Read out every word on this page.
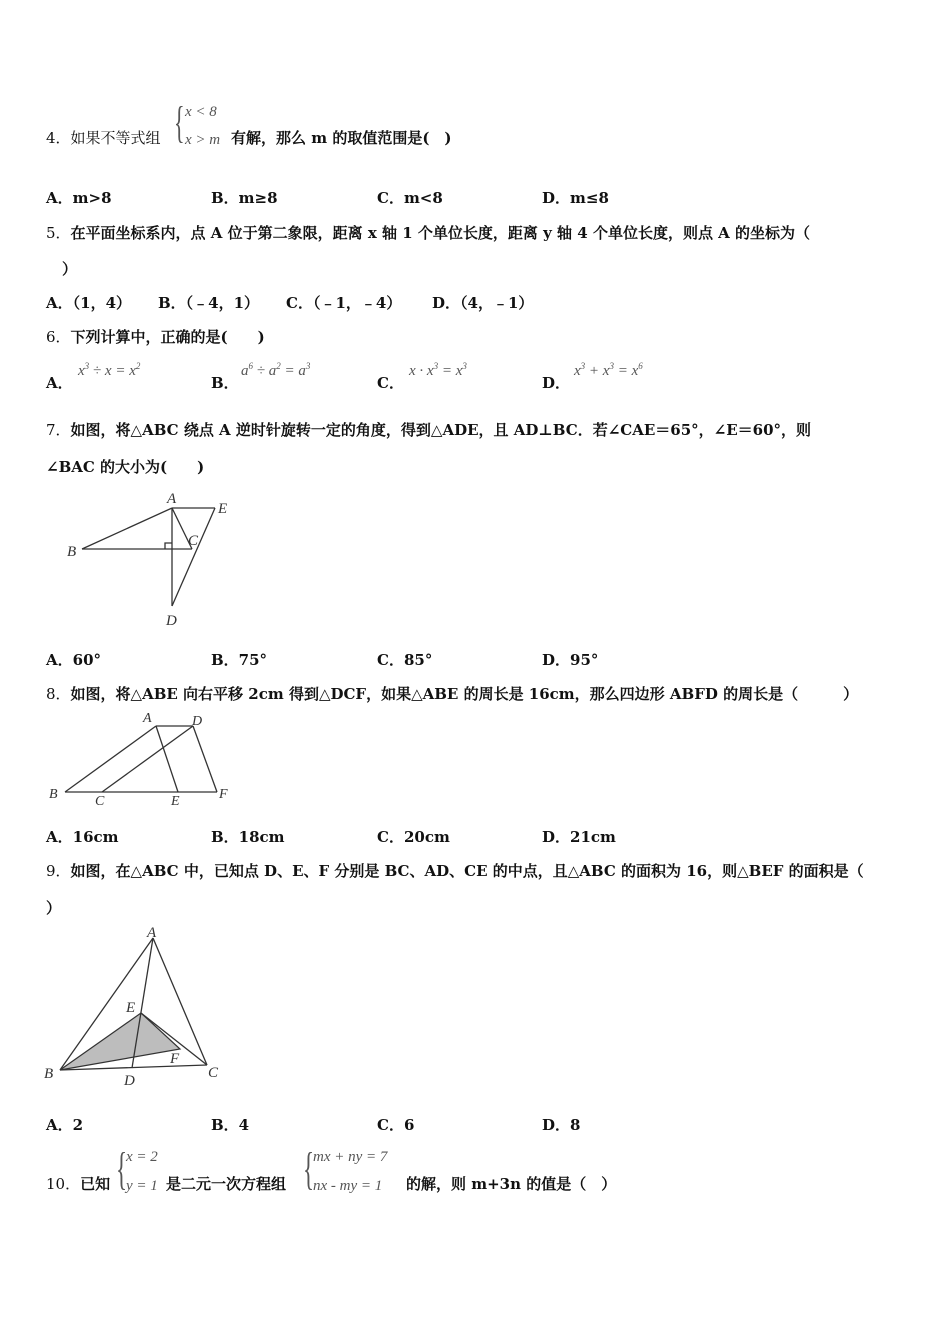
4．如果不等式组 { x < 8
x > m 有解，那么 m 的取值范围是(　)
A．m>8	B．m≥8	C．m<8	D．m≤8
5．在平面坐标系内，点 A 位于第二象限，距离 x 轴 1 个单位长度，距离 y 轴 4 个单位长度，则点 A 的坐标为（
）
A．（1，4） B．（﹣4，1） C．（﹣1，﹣4） D．（4，﹣1）
6．下列计算中，正确的是(　　)
A．
$x^3 \div x = x^2$
B．
$a^6 \div a^2 = a^3$
C．
$x \cdot x^3 = x^3$
D．
$x^3 + x^3 = x^6$
7．如图，将△ABC 绕点 A 逆时针旋转一定的角度，得到△ADE，且 AD⊥BC．若∠CAE＝65°，∠E＝60°，则
∠BAC 的大小为(　　)
A
B
C
D
E
A．60°	B．75°	C．85°	D．95°
8．如图，将△ABE 向右平移 2cm 得到△DCF，如果△ABE 的周长是 16cm，那么四边形 ABFD 的周长是（　　　）
A	D
B	C	E	F
A．16cm	B．18cm	C．20cm	D．21cm
9．如图，在△ABC 中，已知点 D、E、F 分别是 BC、AD、CE 的中点，且△ABC 的面积为 16，则△BEF 的面积是（
）
A
E
F
B	D	C
A．2	B．4	C．6	D．8
10．已知 {
x = 2
y = 1 是二元一次方程组 {
mx + ny = 7
nx - my = 1 的解，则 m+3n 的值是（　）
